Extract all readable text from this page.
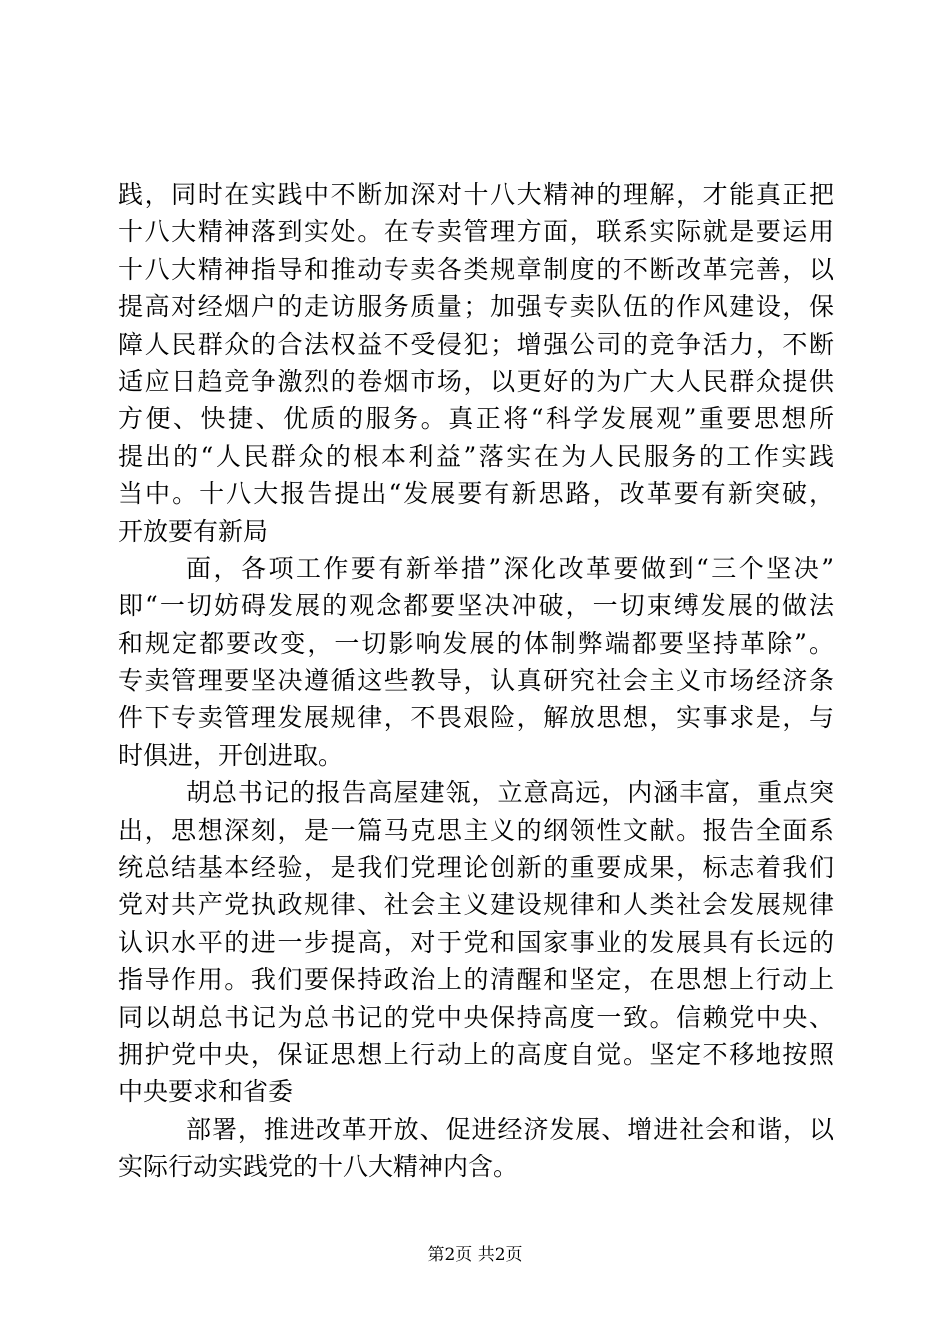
践，同时在实践中不断加深对十八大精神的理解，才能真正把
十八大精神落到实处。在专卖管理方面，联系实际就是要运用
十八大精神指导和推动专卖各类规章制度的不断改革完善，以
提高对经烟户的走访服务质量；加强专卖队伍的作风建设，保
障人民群众的合法权益不受侵犯；增强公司的竞争活力，不断
适应日趋竞争激烈的卷烟市场，以更好的为广大人民群众提供
方便、快捷、优质的服务。真正将“科学发展观”重要思想所
提出的“人民群众的根本利益”落实在为人民服务的工作实践
当中。十八大报告提出“发展要有新思路，改革要有新突破，
开放要有新局
面，各项工作要有新举措”深化改革要做到“三个坚决”
即“一切妨碍发展的观念都要坚决冲破，一切束缚发展的做法
和规定都要改变，一切影响发展的体制弊端都要坚持革除”。
专卖管理要坚决遵循这些教导，认真研究社会主义市场经济条
件下专卖管理发展规律，不畏艰险，解放思想，实事求是，与
时俱进，开创进取。
胡总书记的报告高屋建瓴，立意高远，内涵丰富，重点突
出，思想深刻，是一篇马克思主义的纲领性文献。报告全面系
统总结基本经验，是我们党理论创新的重要成果，标志着我们
党对共产党执政规律、社会主义建设规律和人类社会发展规律
认识水平的进一步提高，对于党和国家事业的发展具有长远的
指导作用。我们要保持政治上的清醒和坚定，在思想上行动上
同以胡总书记为总书记的党中央保持高度一致。信赖党中央、
拥护党中央，保证思想上行动上的高度自觉。坚定不移地按照
中央要求和省委
部署，推进改革开放、促进经济发展、增进社会和谐，以
实际行动实践党的十八大精神内含。
第2页 共2页
